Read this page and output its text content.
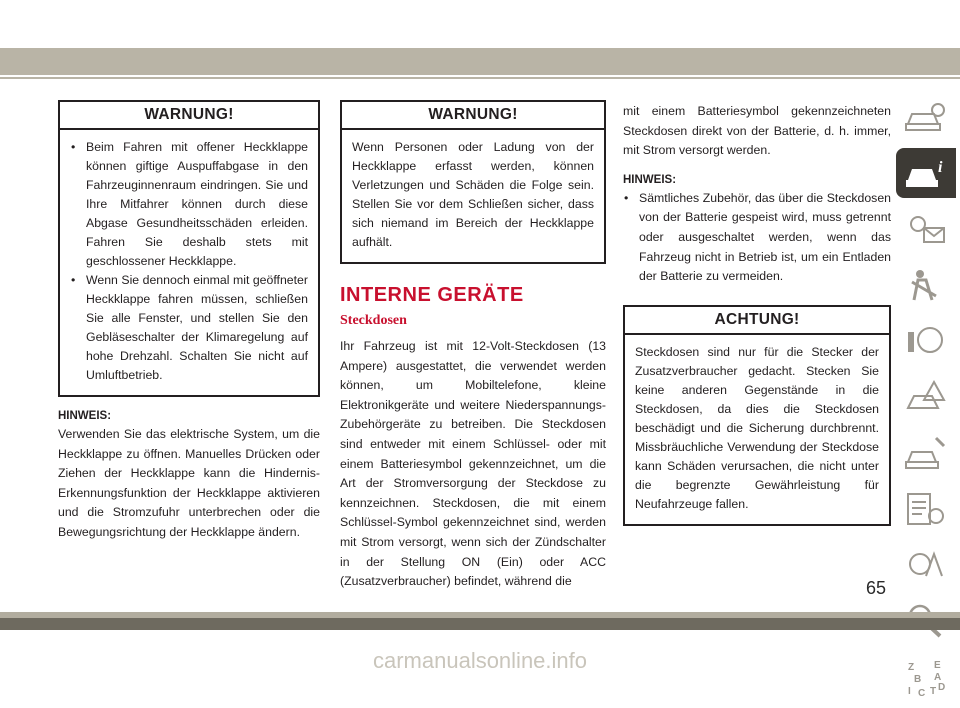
WARNUNG!
• Beim Fahren mit offener Heckklappe können giftige Auspuffabgase in den Fahrzeuginnenraum eindringen. Sie und Ihre Mitfahrer können durch diese Abgase Gesundheitsschäden erleiden. Fahren Sie deshalb stets mit geschlossener Heckklappe.
• Wenn Sie dennoch einmal mit geöffneter Heckklappe fahren müssen, schließen Sie alle Fenster, und stellen Sie den Gebläseschalter der Klimaregelung auf hohe Drehzahl. Schalten Sie nicht auf Umluftbetrieb.
HINWEIS:
Verwenden Sie das elektrische System, um die Heckklappe zu öffnen. Manuelles Drücken oder Ziehen der Heckklappe kann die Hindernis-Erkennungsfunktion der Heckklappe aktivieren und die Stromzufuhr unterbrechen oder die Bewegungsrichtung der Heckklappe ändern.
WARNUNG!
Wenn Personen oder Ladung von der Heckklappe erfasst werden, können Verletzungen und Schäden die Folge sein. Stellen Sie vor dem Schließen sicher, dass sich niemand im Bereich der Heckklappe aufhält.
INTERNE GERÄTE
Steckdosen
Ihr Fahrzeug ist mit 12-Volt-Steckdosen (13 Ampere) ausgestattet, die verwendet werden können, um Mobiltelefone, kleine Elektronikgeräte und weitere Niederspannungs-Zubehörgeräte zu betreiben. Die Steckdosen sind entweder mit einem Schlüssel- oder mit einem Batteriesymbol gekennzeichnet, um die Art der Stromversorgung der Steckdose zu kennzeichnen. Steckdosen, die mit einem Schlüssel-Symbol gekennzeichnet sind, werden mit Strom versorgt, wenn sich der Zündschalter in der Stellung ON (Ein) oder ACC (Zusatzverbraucher) befindet, während die
mit einem Batteriesymbol gekennzeichneten Steckdosen direkt von der Batterie, d. h. immer, mit Strom versorgt werden.
HINWEIS:
• Sämtliches Zubehör, das über die Steckdosen von der Batterie gespeist wird, muss getrennt oder ausgeschaltet werden, wenn das Fahrzeug nicht in Betrieb ist, um ein Entladen der Batterie zu vermeiden.
ACHTUNG!
Steckdosen sind nur für die Stecker der Zusatzverbraucher gedacht. Stecken Sie keine anderen Gegenstände in die Steckdosen, da dies die Steckdosen beschädigt und die Sicherung durchbrennt. Missbräuchliche Verwendung der Steckdose kann Schäden verursachen, die nicht unter die begrenzte Gewährleistung für Neufahrzeuge fallen.
i
Z E
B A
I C T D
65
carmanualsonline.info
